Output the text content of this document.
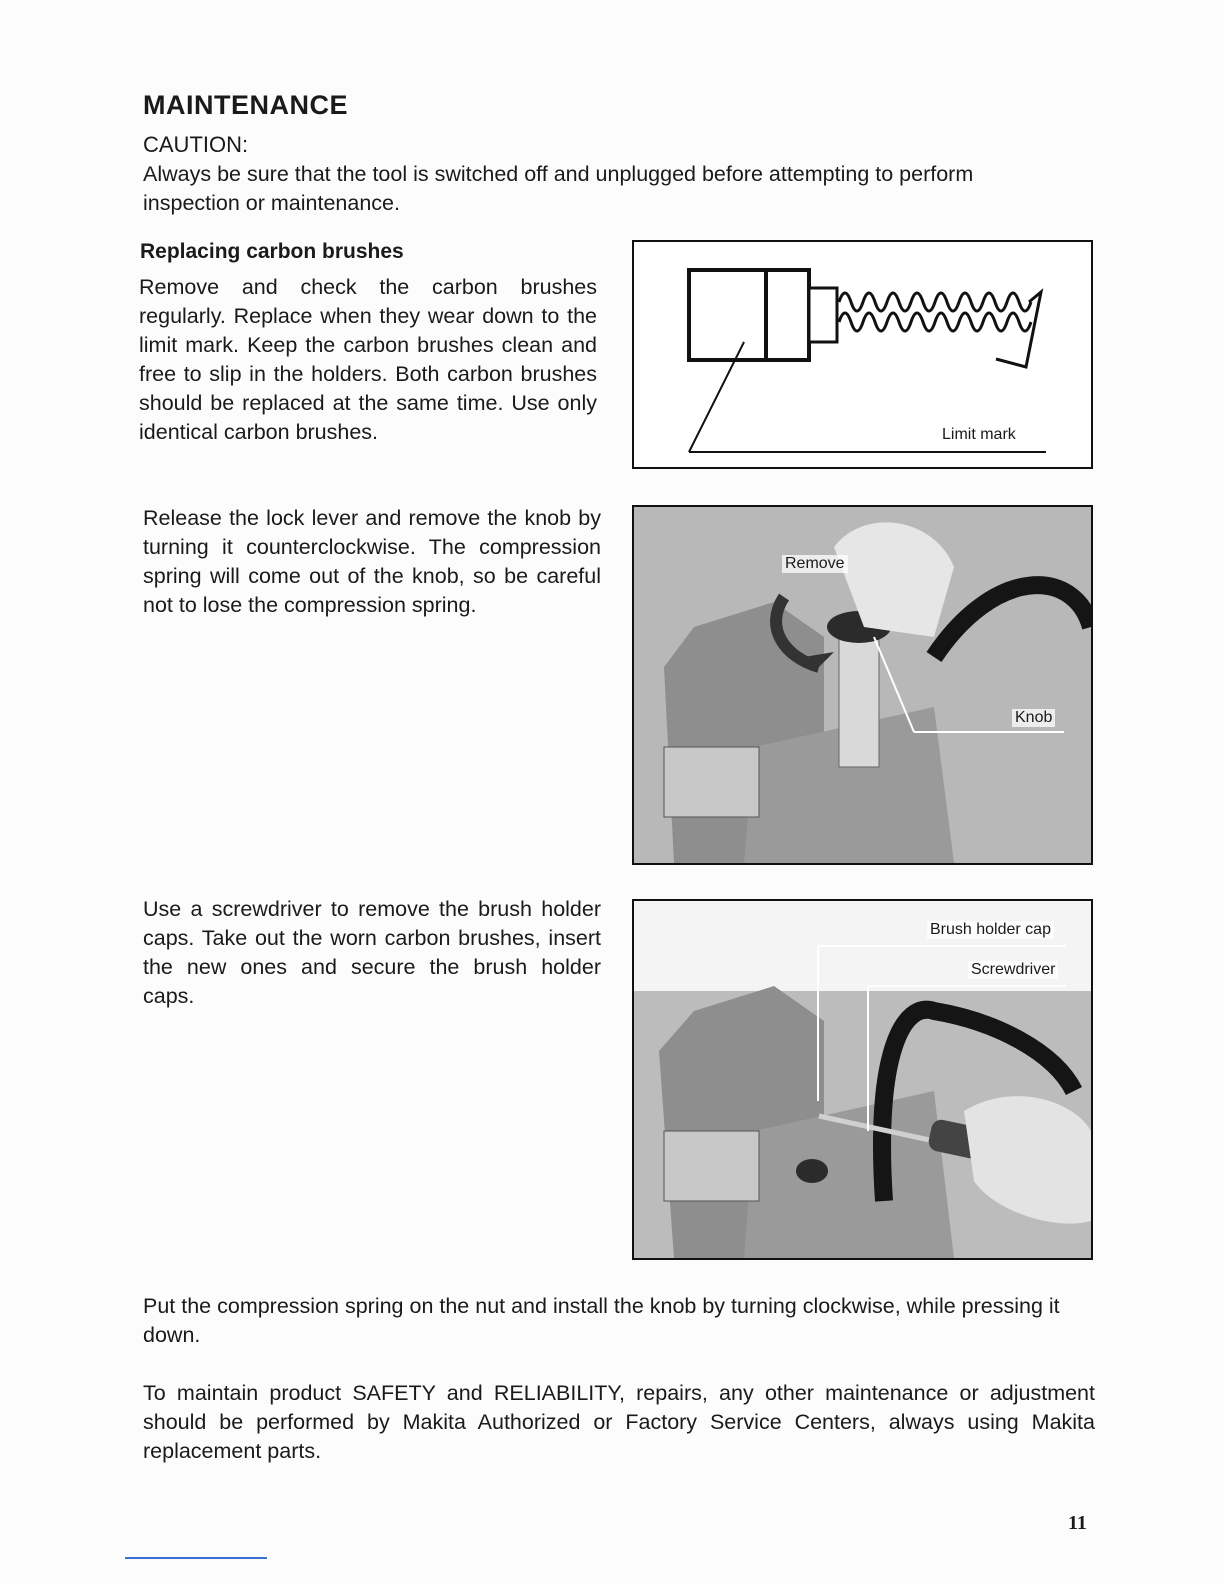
MAINTENANCE
CAUTION:
Always be sure that the tool is switched off and unplugged before attempting to perform
inspection or maintenance.
Replacing carbon brushes
Remove and check the carbon brushes regularly. Replace when they wear down to the limit mark. Keep the carbon brushes clean and free to slip in the holders. Both carbon brushes should be replaced at the same time. Use only identical carbon brushes.	Limit mark
Release the lock lever and remove the knob by turning it counterclockwise. The compression spring will come out of the knob, so be careful not to lose the compression spring.
Remove
Knob
Use a screwdriver to remove the brush holder caps. Take out the worn carbon brushes, insert the new ones and secure the brush holder caps.
Brush holder cap
Screwdriver
Put the compression spring on the nut and install the knob by turning clockwise, while pressing it down.
To maintain product SAFETY and RELIABILITY, repairs, any other maintenance or adjustment should be performed by Makita Authorized or Factory Service Centers, always using Makita replacement parts.
11
